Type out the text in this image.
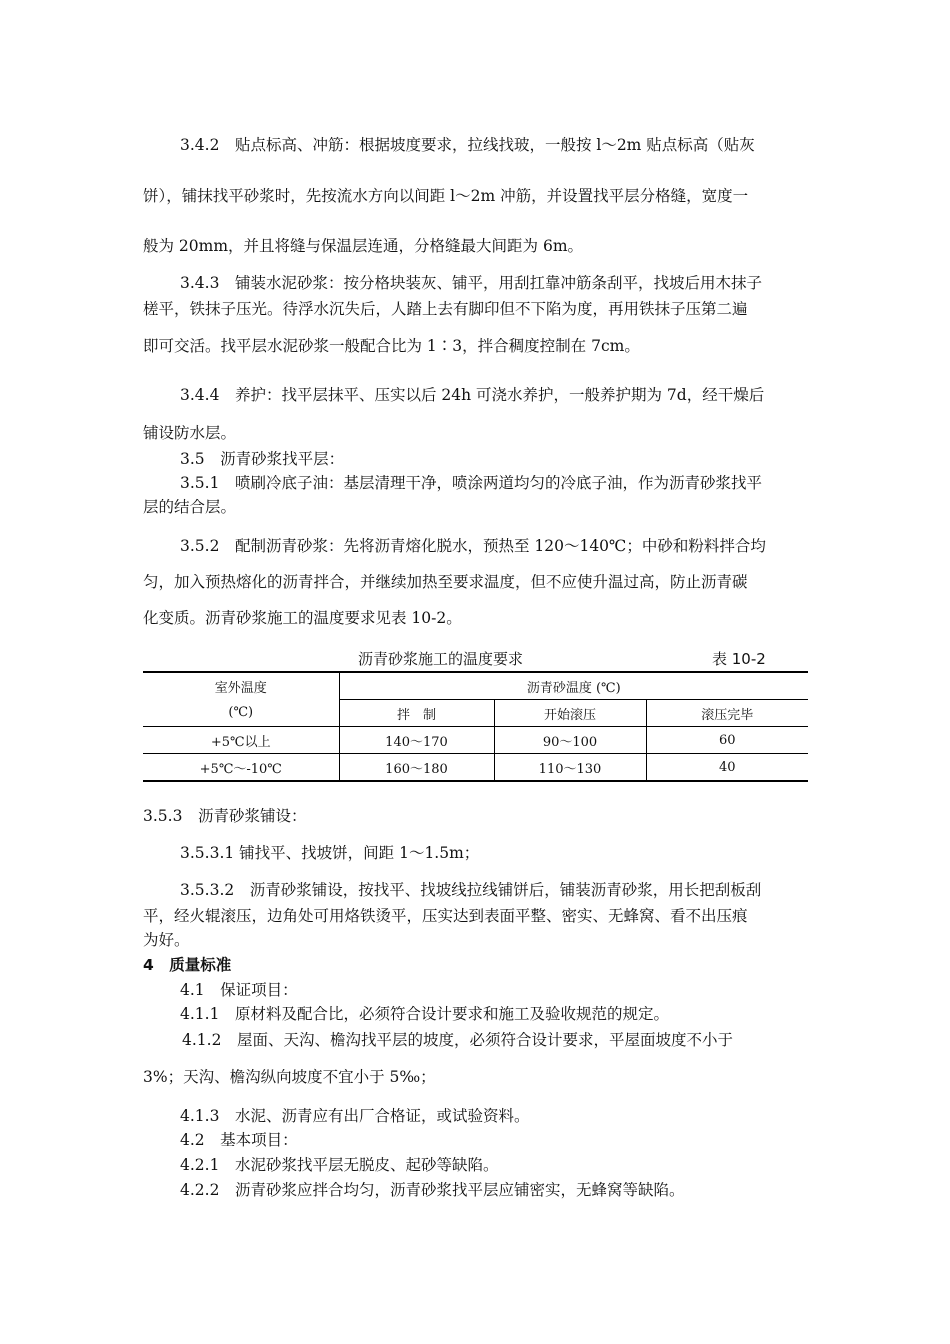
3.4.2　贴点标高、冲筋：根据坡度要求，拉线找玻，一般按 l～2m 贴点标高（贴灰
饼），铺抹找平砂浆时，先按流水方向以间距 l～2m 冲筋，并设置找平层分格缝，宽度一
般为 20mm，并且将缝与保温层连通，分格缝最大间距为 6m。
3.4.3　铺装水泥砂浆：按分格块装灰、铺平，用刮扛靠冲筋条刮平，找坡后用木抹子
槎平，铁抹子压光。待浮水沉失后，人踏上去有脚印但不下陷为度，再用铁抹子压第二遍
即可交活。找平层水泥砂浆一般配合比为 1∶3，拌合稠度控制在 7cm。
3.4.4　养护：找平层抹平、压实以后 24h 可浇水养护，一般养护期为 7d，经干燥后
铺设防水层。
3.5　沥青砂浆找平层：
3.5.1　喷刷冷底子油：基层清理干净，喷涂两道均匀的冷底子油，作为沥青砂浆找平
层的结合层。
3.5.2　配制沥青砂浆：先将沥青熔化脱水，预热至 120～140℃；中砂和粉料拌合均
匀，加入预热熔化的沥青拌合，并继续加热至要求温度，但不应使升温过高，防止沥青碳
化变质。沥青砂浆施工的温度要求见表 10-2。
沥青砂浆施工的温度要求	表 10-2
室外温度	沥青砂温度 (℃)		
(℃)	拌　制	开始滚压	滚压完毕
+5℃以上	140～170	90～100	60
+5℃～-10℃	160～180	110～130	40
3.5.3　沥青砂浆铺设：
3.5.3.1 铺找平、找坡饼，间距 1～1.5m；
3.5.3.2　沥青砂浆铺设，按找平、找坡线拉线铺饼后，铺装沥青砂浆，用长把刮板刮
平，经火辊滚压，边角处可用烙铁烫平，压实达到表面平整、密实、无蜂窝、看不出压痕
为好。
4　质量标准
4.1　保证项目：
4.1.1　原材料及配合比，必须符合设计要求和施工及验收规范的规定。
4.1.2　屋面、天沟、檐沟找平层的坡度，必须符合设计要求，平屋面坡度不小于
3%；天沟、檐沟纵向坡度不宜小于 5‰；
4.1.3　水泥、沥青应有出厂合格证，或试验资料。
4.2　基本项目：
4.2.1　水泥砂浆找平层无脱皮、起砂等缺陷。
4.2.2　沥青砂浆应拌合均匀，沥青砂浆找平层应铺密实，无蜂窝等缺陷。
